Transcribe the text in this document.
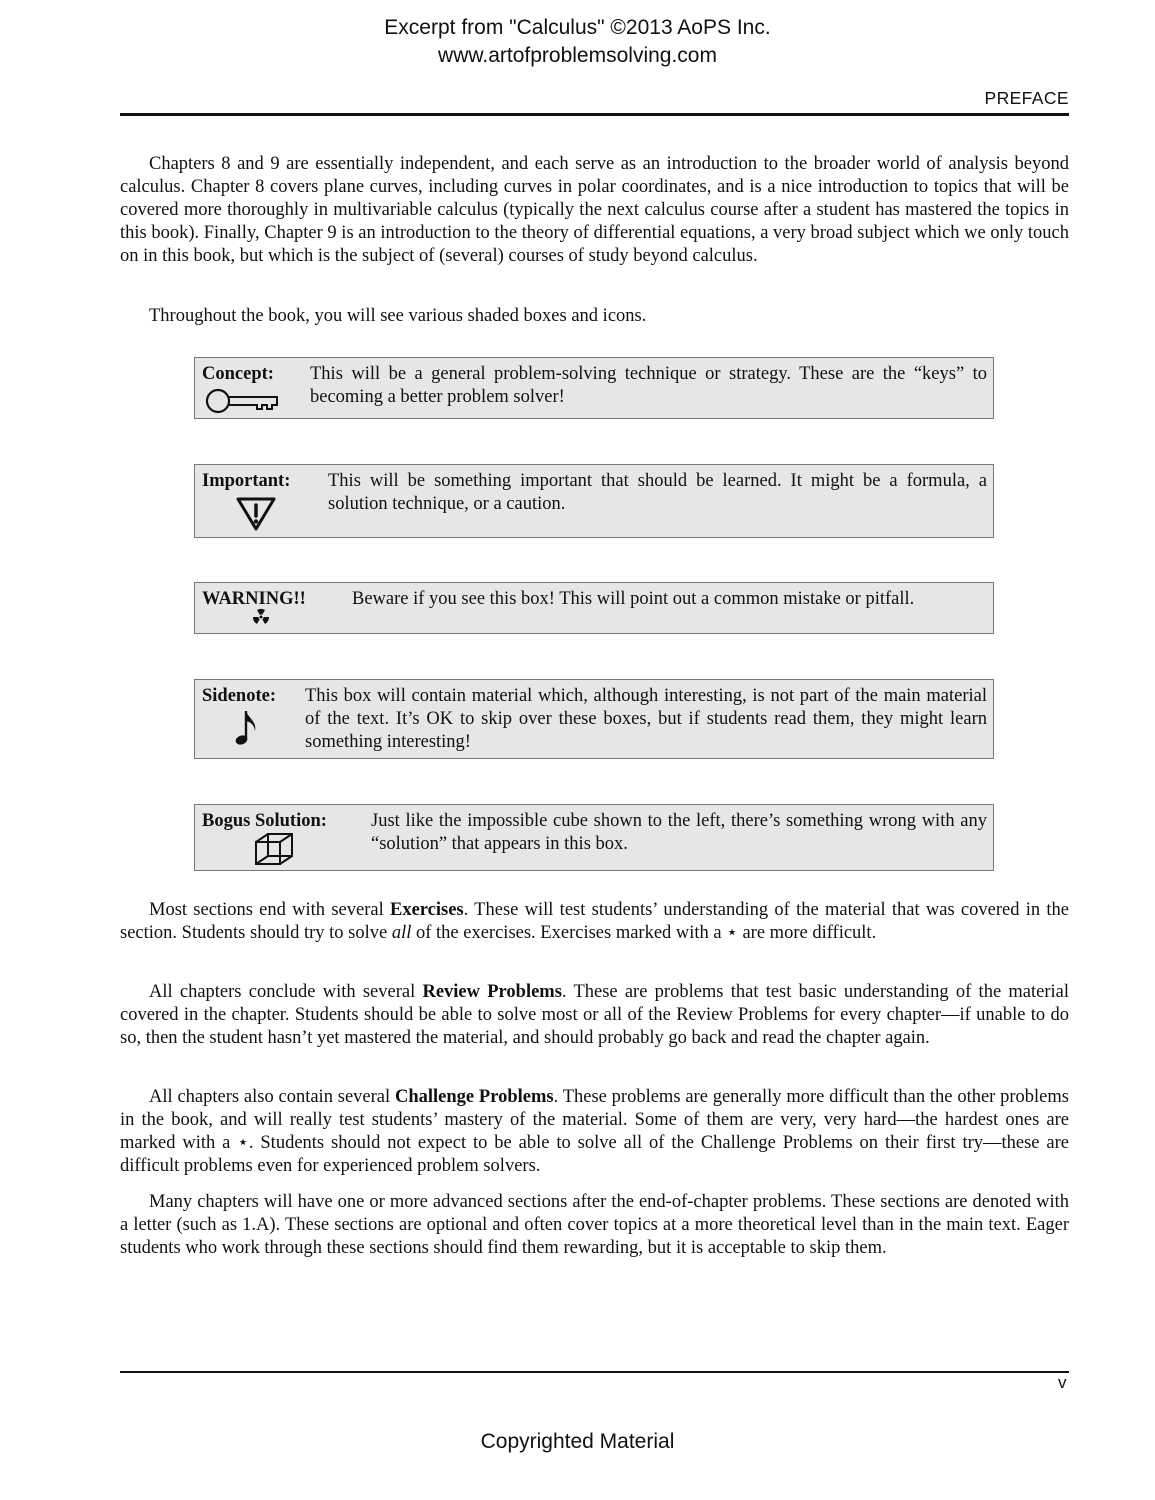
Excerpt from "Calculus" ©2013 AoPS Inc.
www.artofproblemsolving.com
PREFACE

Chapters 8 and 9 are essentially independent, and each serve as an introduction to the broader world of analysis beyond calculus. Chapter 8 covers plane curves, including curves in polar coordinates, and is a nice introduction to topics that will be covered more thoroughly in multivariable calculus (typically the next calculus course after a student has mastered the topics in this book). Finally, Chapter 9 is an introduction to the theory of differential equations, a very broad subject which we only touch on in this book, but which is the subject of (several) courses of study beyond calculus.

Throughout the book, you will see various shaded boxes and icons.

Concept: This will be a general problem-solving technique or strategy. These are the “keys” to becoming a better problem solver!
Important: This will be something important that should be learned. It might be a formula, a solution technique, or a caution.
WARNING!! Beware if you see this box! This will point out a common mistake or pitfall.
Sidenote: This box will contain material which, although interesting, is not part of the main material of the text. It’s OK to skip over these boxes, but if students read them, they might learn something interesting!
Bogus Solution: Just like the impossible cube shown to the left, there’s something wrong with any “solution” that appears in this box.

Most sections end with several Exercises. These will test students’ understanding of the material that was covered in the section. Students should try to solve all of the exercises. Exercises marked with a ⋆ are more difficult.

All chapters conclude with several Review Problems. These are problems that test basic understanding of the material covered in the chapter. Students should be able to solve most or all of the Review Problems for every chapter—if unable to do so, then the student hasn’t yet mastered the material, and should probably go back and read the chapter again.

All chapters also contain several Challenge Problems. These problems are generally more difficult than the other problems in the book, and will really test students’ mastery of the material. Some of them are very, very hard—the hardest ones are marked with a ⋆. Students should not expect to be able to solve all of the Challenge Problems on their first try—these are difficult problems even for experienced problem solvers.

Many chapters will have one or more advanced sections after the end-of-chapter problems. These sections are denoted with a letter (such as 1.A). These sections are optional and often cover topics at a more theoretical level than in the main text. Eager students who work through these sections should find them rewarding, but it is acceptable to skip them.

v
Copyrighted Material
